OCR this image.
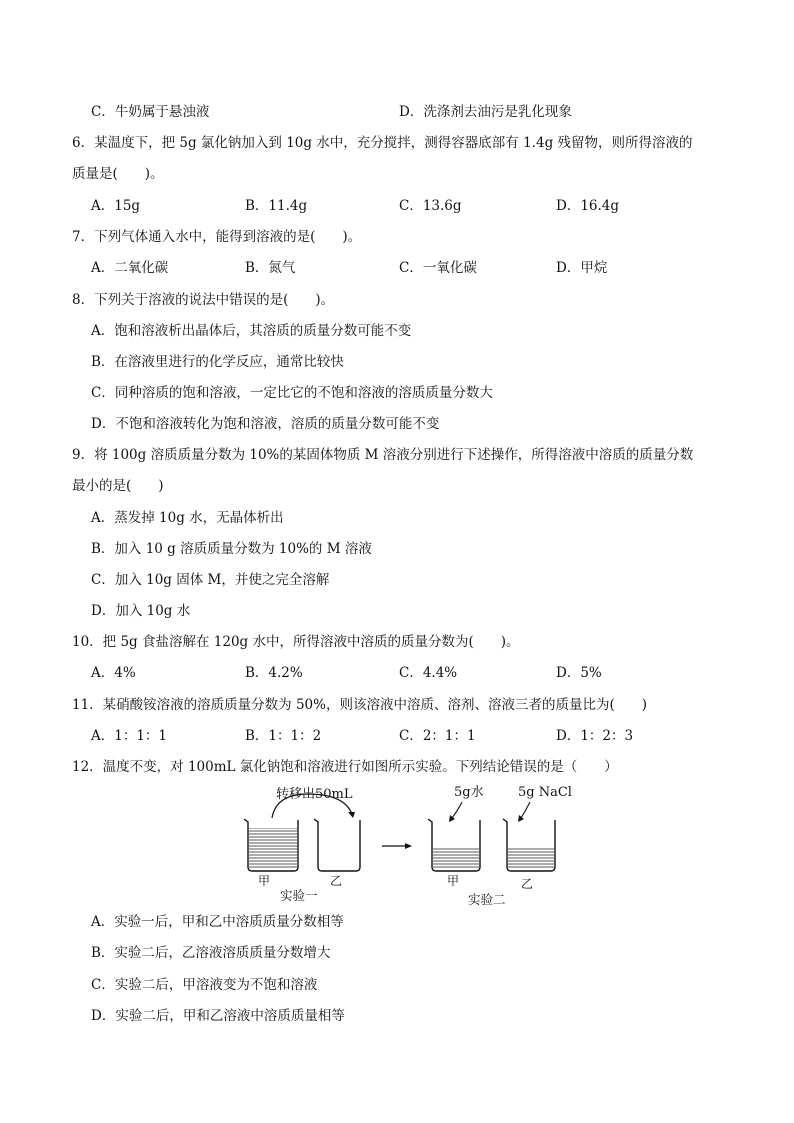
C．牛奶属于悬浊液	D．洗涤剂去油污是乳化现象
6．某温度下，把 5g 氯化钠加入到 10g 水中，充分搅拌，测得容器底部有 1.4g 残留物，则所得溶液的
质量是(　　)。
A．15g	B．11.4g	C．13.6g	D．16.4g
7．下列气体通入水中，能得到溶液的是(　　)。
A．二氧化碳	B．氮气	C．一氧化碳	D．甲烷
8．下列关于溶液的说法中错误的是(　　)。
A．饱和溶液析出晶体后，其溶质的质量分数可能不变
B．在溶液里进行的化学反应，通常比较快
C．同种溶质的饱和溶液，一定比它的不饱和溶液的溶质质量分数大
D．不饱和溶液转化为饱和溶液，溶质的质量分数可能不变
9．将 100g 溶质质量分数为 10%的某固体物质 M 溶液分别进行下述操作，所得溶液中溶质的质量分数
最小的是(　　)
A．蒸发掉 10g 水，无晶体析出
B．加入 10 g 溶质质量分数为 10%的 M 溶液
C．加入 10g 固体 M，并使之完全溶解
D．加入 10g 水
10．把 5g 食盐溶解在 120g 水中，所得溶液中溶质的质量分数为(　　)。
A．4%	B．4.2%	C．4.4%	D．5%
11．某硝酸铵溶液的溶质质量分数为 50%，则该溶液中溶质、溶剂、溶液三者的质量比为(　　)
A．1：1：1	B．1：1：2	C．2：1：1	D．1：2：3
12．温度不变，对 100mL 氯化钠饱和溶液进行如图所示实验。下列结论错误的是（　　）
转移出50mL	5g水	5g NaCl
甲	乙
实验一
甲	乙
实验二
A．实验一后，甲和乙中溶质质量分数相等
B．实验二后，乙溶液溶质质量分数增大
C．实验二后，甲溶液变为不饱和溶液
D．实验二后，甲和乙溶液中溶质质量相等
